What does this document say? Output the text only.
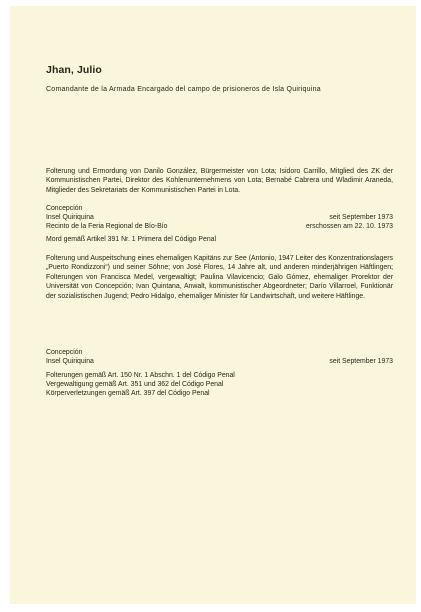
Jhan, Julio
Comandante de la Armada Encargado del campo de prisioneros de Isla Quiriquina
Folterung und Ermordung von Danilo González, Bürgermeister von Lota; Isidoro Carrillo, Mitglied des ZK der Kommunistischen Partei, Direktor des Kohlenunternehmens von Lota; Bernabé Cabrera und Wladimir Araneda, Mitglieder des Sekretariats der Kommunistischen Partei in Lota.
Concepción
Insel Quiriquina	seit September 1973
Recinto de la Feria Regional de Bío-Bío	erschossen am 22. 10. 1973
Mord gemäß Artikel 391 Nr. 1 Primera del Código Penal
Folterung und Auspeitschung eines ehemaligen Kapitäns zur See (Antonio, 1947 Leiter des Konzentrationslagers „Puerto Rondizzoni“) und seiner Söhne; von José Flores, 14 Jahre alt, und anderen minderjährigen Häftlingen; Folterungen von Francisca Medel, vergewaltigt; Paulina Vilavicencio; Galo Gómez, ehemaliger Prorektor der Universität von Concepción; Ivan Quintana, Anwalt, kommunistischer Abgeordneter; Darío Villarroel, Funktionär der sozialistischen Jugend; Pedro Hidalgo, ehemaliger Minister für Landwirtschaft, und weitere Häftlinge.
Concepción
Insel Quiriquina	seit September 1973
Folterungen gemäß Art. 150 Nr. 1 Abschn. 1 del Código Penal
Vergewaltigung gemäß Art. 351 und 362 del Código Penal
Körperverletzungen gemäß Art. 397 del Código Penal
